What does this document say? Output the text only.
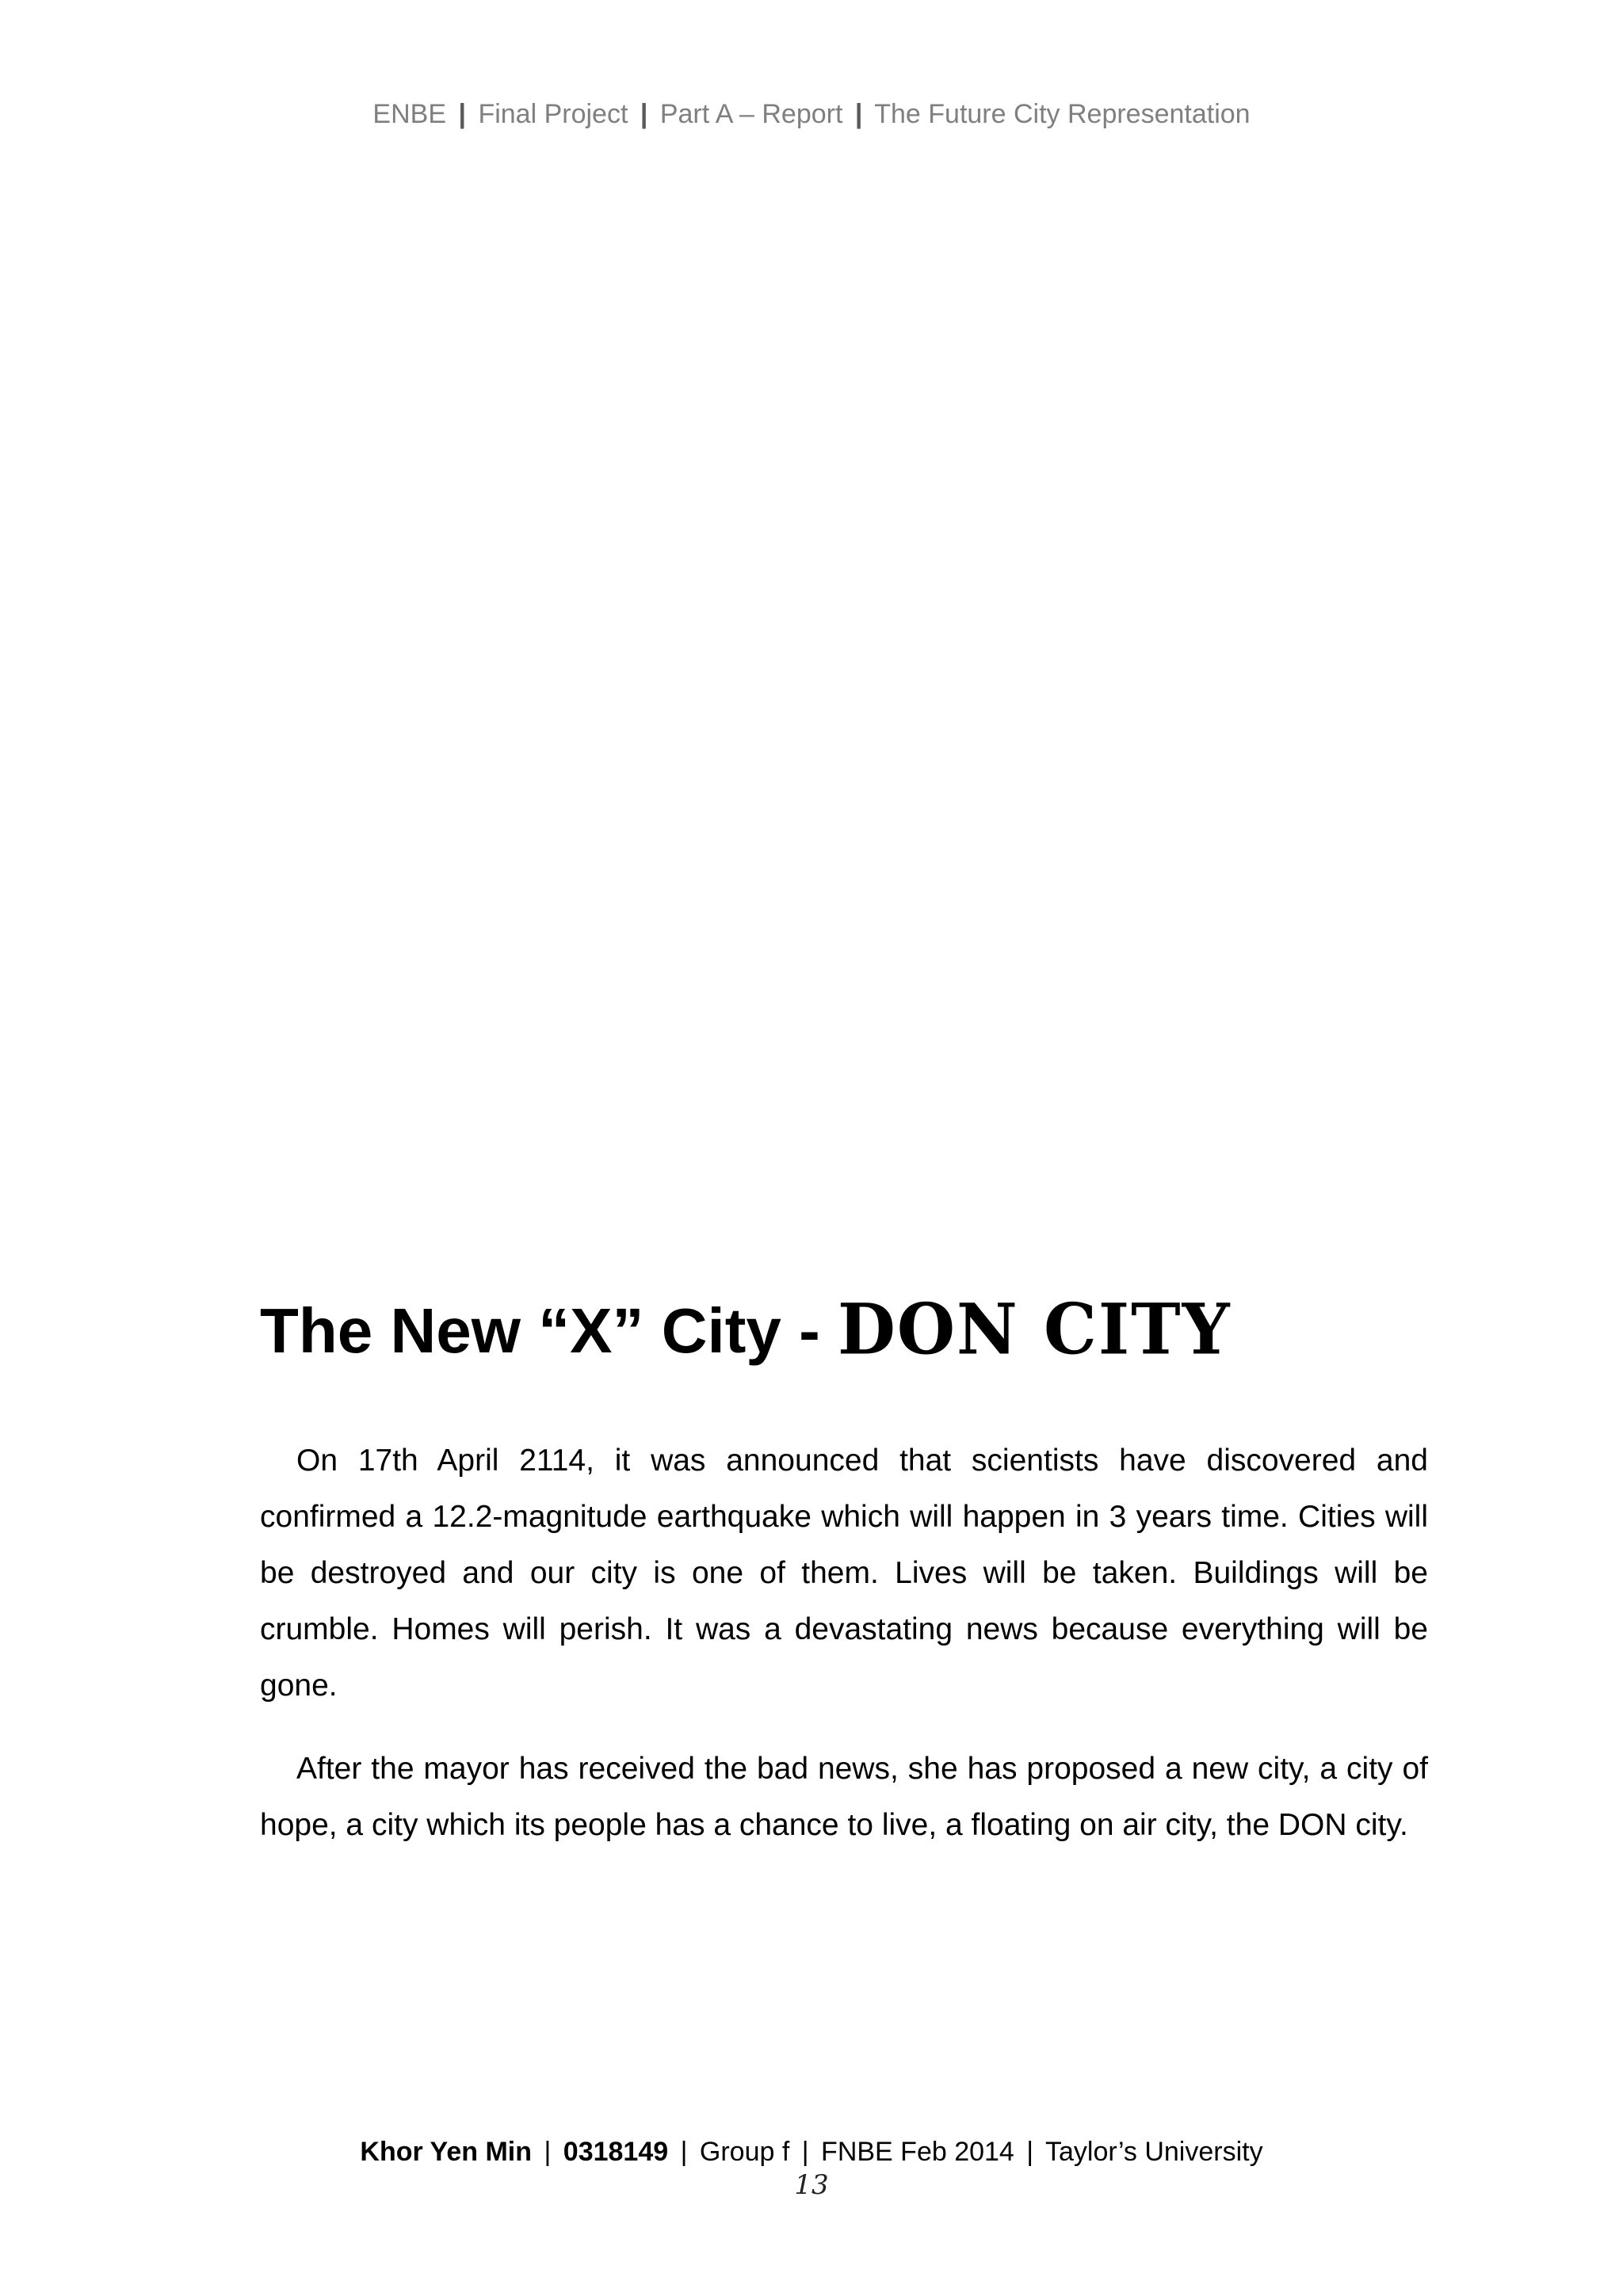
ENBE | Final Project | Part A – Report | The Future City Representation
The New “X” City - DON CITY

On 17th April 2114, it was announced that scientists have discovered and confirmed a 12.2-magnitude earthquake which will happen in 3 years time. Cities will be destroyed and our city is one of them. Lives will be taken. Buildings will be crumble. Homes will perish. It was a devastating news because everything will be gone.

After the mayor has received the bad news, she has proposed a new city, a city of hope, a city which its people has a chance to live, a floating on air city, the DON city.

Khor Yen Min | 0318149 | Group f | FNBE Feb 2014 | Taylor’s University
13
